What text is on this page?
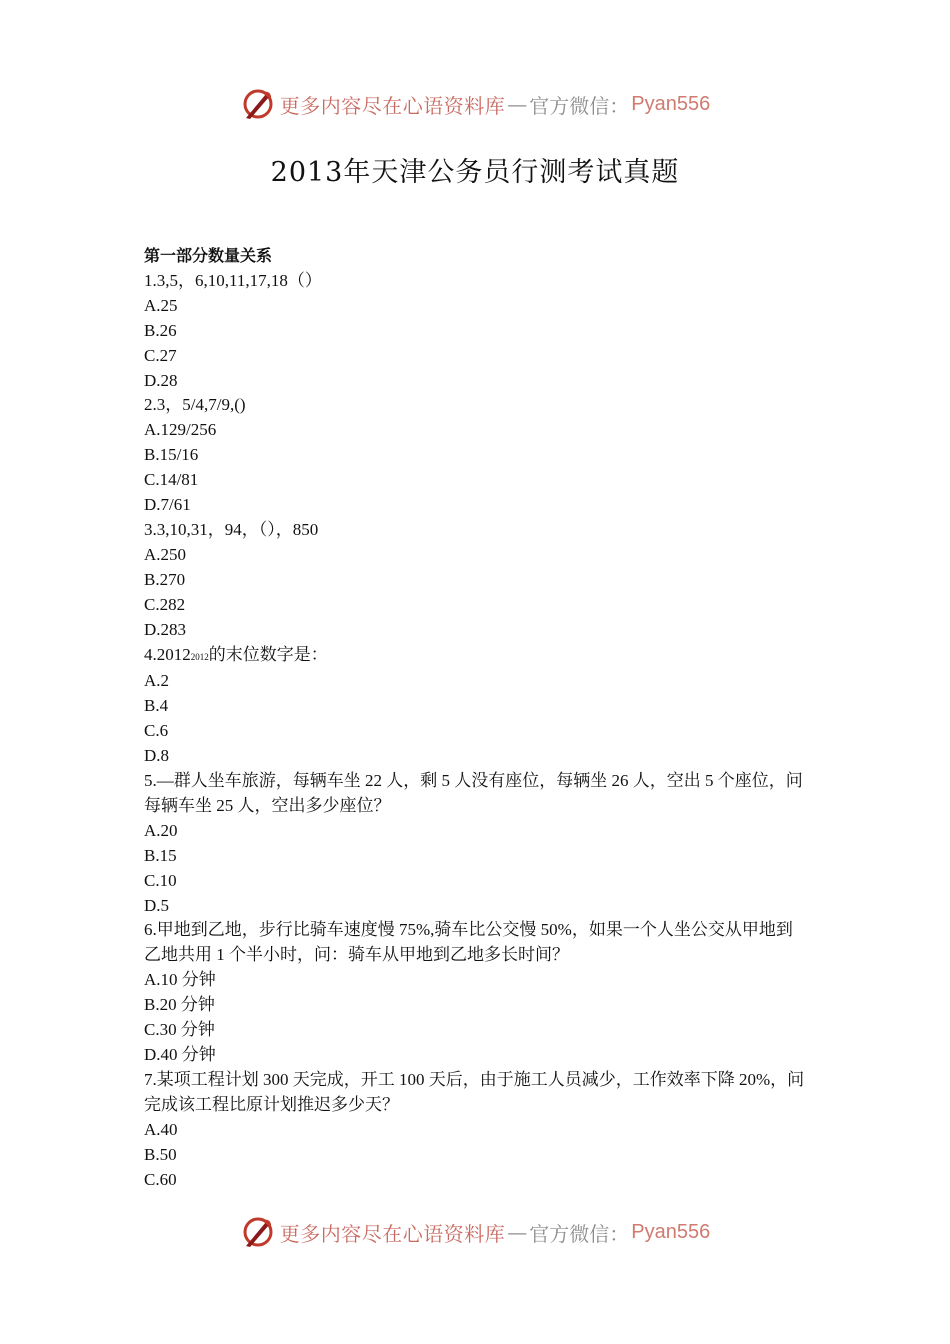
更多内容尽在心语资料库 — 官方微信： Pyan556
2013年天津公务员行测考试真题
第一部分数量关系
1.3,5，6,10,11,17,18（）
A.25
B.26
C.27
D.28
2.3，5/4,7/9,()
A.129/256
B.15/16
C.14/81
D.7/61
3.3,10,31，94，（），850
A.250
B.270
C.282
D.283
4.20122012的末位数字是：
A.2
B.4
C.6
D.8
5.—群人坐车旅游，每辆车坐 22 人，剩 5 人没有座位，每辆坐 26 人，空出 5 个座位，问每辆车坐 25 人，空出多少座位？
A.20
B.15
C.10
D.5
6.甲地到乙地，步行比骑车速度慢 75%,骑车比公交慢 50%，如果一个人坐公交从甲地到乙地共用 1 个半小时，问：骑车从甲地到乙地多长时间？
A.10 分钟
B.20 分钟
C.30 分钟
D.40 分钟
7.某项工程计划 300 天完成，开工 100 天后，由于施工人员减少，工作效率下降 20%，问完成该工程比原计划推迟多少天？
A.40
B.50
C.60
更多内容尽在心语资料库 — 官方微信： Pyan556
